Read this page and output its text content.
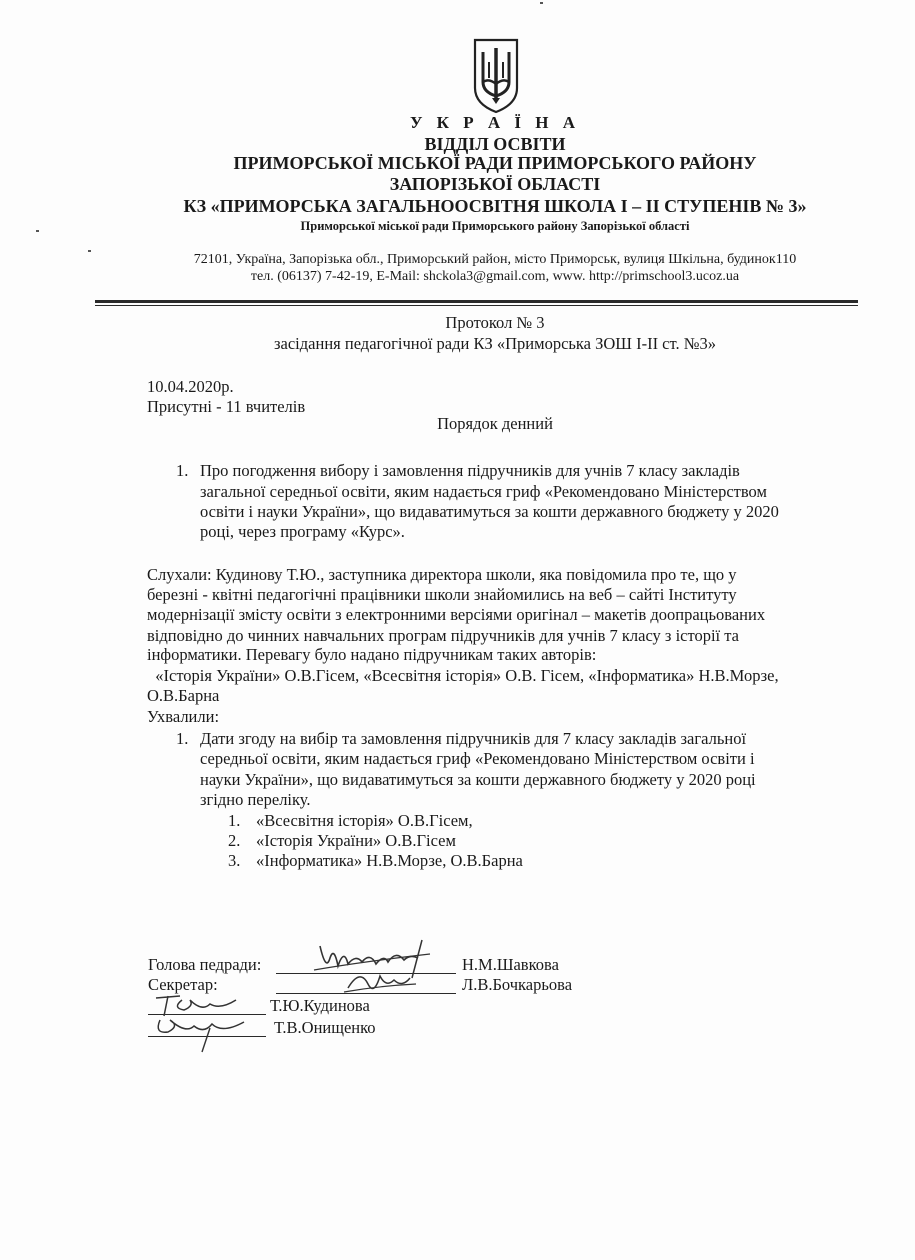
У К Р А Ї Н А
ВІДДІЛ ОСВІТИ
ПРИМОРСЬКОЇ МІСЬКОЇ РАДИ ПРИМОРСЬКОГО РАЙОНУ
ЗАПОРІЗЬКОЇ ОБЛАСТІ
КЗ «ПРИМОРСЬКА ЗАГАЛЬНООСВІТНЯ ШКОЛА І – ІІ СТУПЕНІВ № 3»
Приморської міської ради Приморського району Запорізької області
72101, Україна, Запорізька обл., Приморський район, місто Приморськ, вулиця Шкільна, будинок110
тел. (06137) 7-42-19, E-Mail: shckola3@gmail.com, www. http://primschool3.ucoz.ua
Протокол № 3
засідання педагогічної ради КЗ «Приморська ЗОШ І-ІІ ст. №3»
10.04.2020р.
Присутні - 11 вчителів
Порядок денний
1. Про погодження вибору і замовлення підручників для учнів 7 класу закладів
загальної середньої освіти, яким надається гриф «Рекомендовано Міністерством
освіти і науки України», що видаватимуться за кошти державного бюджету у 2020
році, через програму «Курс».
Слухали: Кудинову Т.Ю., заступника директора школи, яка повідомила про те, що у
березні - квітні педагогічні працівники школи знайомились на веб – сайті Інституту
модернізації змісту освіти з електронними версіями оригінал – макетів доопрацьованих
відповідно до чинних навчальних програм підручників для учнів 7 класу з історії та
інформатики. Перевагу було надано підручникам таких авторів:
«Історія України» О.В.Гісем, «Всесвітня історія» О.В. Гісем, «Інформатика» Н.В.Морзе,
О.В.Барна
Ухвалили:
1. Дати згоду на вибір та замовлення підручників для 7 класу закладів загальної
середньої освіти, яким надається гриф «Рекомендовано Міністерством освіти і
науки України», що видаватимуться за кошти державного бюджету у 2020 році
згідно переліку.
1. «Всесвітня історія» О.В.Гісем,
2. «Історія України» О.В.Гісем
3. «Інформатика» Н.В.Морзе, О.В.Барна
Голова педради:	Н.М.Шавкова
Секретар:	Л.В.Бочкарьова
Т.Ю.Кудинова
Т.В.Онищенко
